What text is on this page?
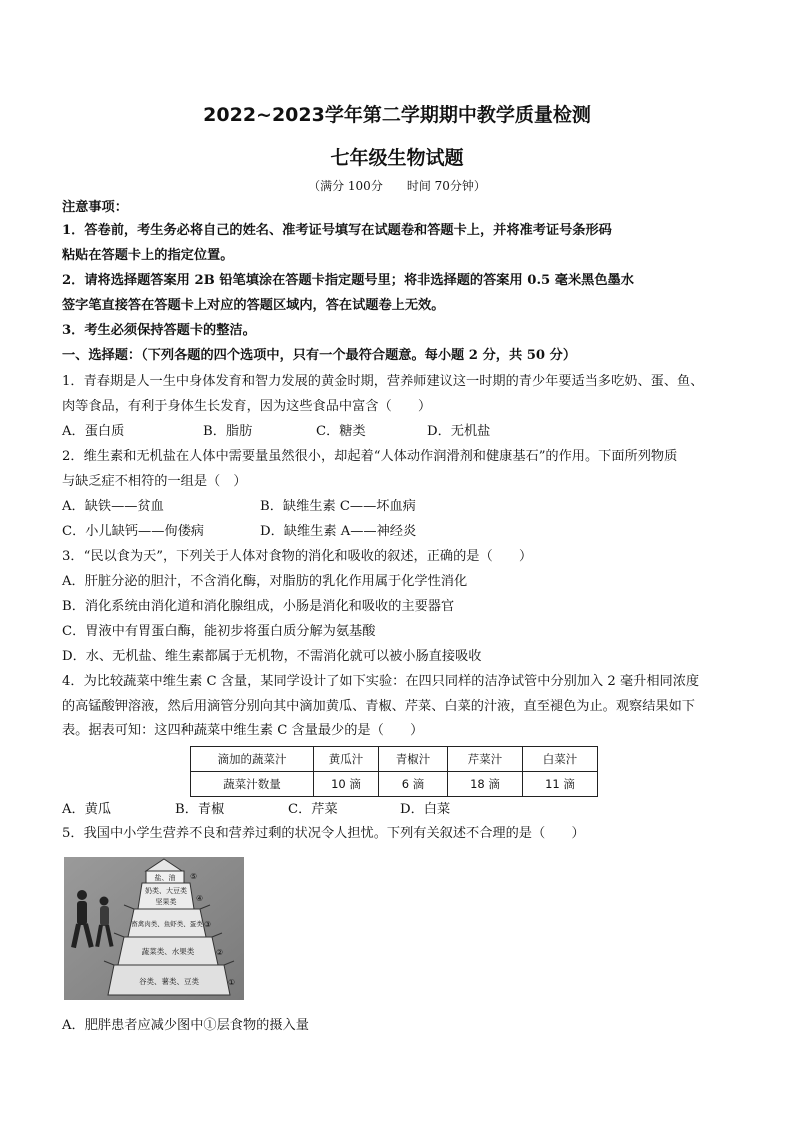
2022~2023学年第二学期期中教学质量检测
七年级生物试题
（满分 100分　　时间 70分钟）
注意事项：
1．答卷前，考生务必将自己的姓名、准考证号填写在试题卷和答题卡上，并将准考证号条形码
粘贴在答题卡上的指定位置。
2．请将选择题答案用 2B 铅笔填涂在答题卡指定题号里；将非选择题的答案用 0.5 毫米黑色墨水
签字笔直接答在答题卡上对应的答题区域内，答在试题卷上无效。
3．考生必须保持答题卡的整洁。
一、选择题：（下列各题的四个选项中，只有一个最符合题意。每小题 2 分，共 50 分）
1．青春期是人一生中身体发育和智力发展的黄金时期，营养师建议这一时期的青少年要适当多吃奶、蛋、鱼、
肉等食品，有利于身体生长发育，因为这些食品中富含（　　）
A．蛋白质	B．脂肪	C．糖类	D．无机盐
2．维生素和无机盐在人体中需要量虽然很小，却起着“人体动作润滑剂和健康基石”的作用。下面所列物质
与缺乏症不相符的一组是（　）
A．缺铁——贫血	B．缺维生素 C——坏血病
C．小儿缺钙——佝偻病	D．缺维生素 A——神经炎
3．“民以食为天”，下列关于人体对食物的消化和吸收的叙述，正确的是（　　）
A．肝脏分泌的胆汁，不含消化酶，对脂肪的乳化作用属于化学性消化
B．消化系统由消化道和消化腺组成，小肠是消化和吸收的主要器官
C．胃液中有胃蛋白酶，能初步将蛋白质分解为氨基酸
D．水、无机盐、维生素都属于无机物，不需消化就可以被小肠直接吸收
4．为比较蔬菜中维生素 C 含量，某同学设计了如下实验：在四只同样的洁净试管中分别加入 2 毫升相同浓度
的高锰酸钾溶液，然后用滴管分别向其中滴加黄瓜、青椒、芹菜、白菜的汁液，直至褪色为止。观察结果如下
表。据表可知：这四种蔬菜中维生素 C 含量最少的是（　　）
滴加的蔬菜汁	黄瓜汁	青椒汁	芹菜汁	白菜汁
蔬菜汁数量	10 滴	6 滴	18 滴	11 滴
A．黄瓜	B．青椒	C．芹菜	D．白菜
5．我国中小学生营养不良和营养过剩的状况令人担忧。下列有关叙述不合理的是（　　）
盐、油
奶类、大豆类
坚果类
畜禽肉类、鱼虾类、蛋类
蔬菜类、水果类
谷类、薯类、豆类
⑤
④
③
②
①
A．肥胖患者应减少图中①层食物的摄入量
